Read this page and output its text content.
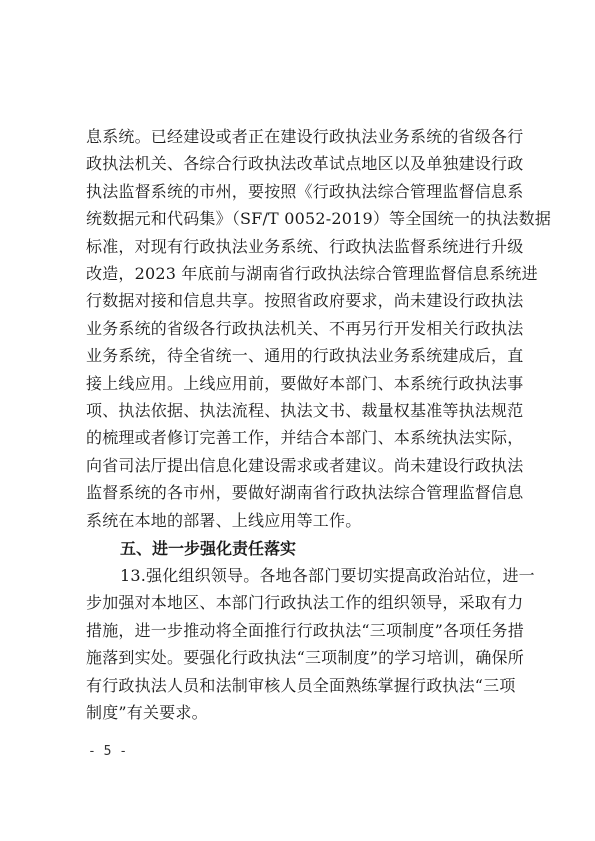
息系统。已经建设或者正在建设行政执法业务系统的省级各行
政执法机关、各综合行政执法改革试点地区以及单独建设行政
执法监督系统的市州，要按照《行政执法综合管理监督信息系
统数据元和代码集》（SF/T 0052-2019）等全国统一的执法数据
标准，对现有行政执法业务系统、行政执法监督系统进行升级
改造，2023 年底前与湖南省行政执法综合管理监督信息系统进
行数据对接和信息共享。按照省政府要求，尚未建设行政执法
业务系统的省级各行政执法机关、不再另行开发相关行政执法
业务系统，待全省统一、通用的行政执法业务系统建成后，直
接上线应用。上线应用前，要做好本部门、本系统行政执法事
项、执法依据、执法流程、执法文书、裁量权基准等执法规范
的梳理或者修订完善工作，并结合本部门、本系统执法实际，
向省司法厅提出信息化建设需求或者建议。尚未建设行政执法
监督系统的各市州，要做好湖南省行政执法综合管理监督信息
系统在本地的部署、上线应用等工作。
五、进一步强化责任落实
13.强化组织领导。各地各部门要切实提高政治站位，进一
步加强对本地区、本部门行政执法工作的组织领导，采取有力
措施，进一步推动将全面推行行政执法“三项制度”各项任务措
施落到实处。要强化行政执法“三项制度”的学习培训，确保所
有行政执法人员和法制审核人员全面熟练掌握行政执法“三项
制度”有关要求。
- 5 -
